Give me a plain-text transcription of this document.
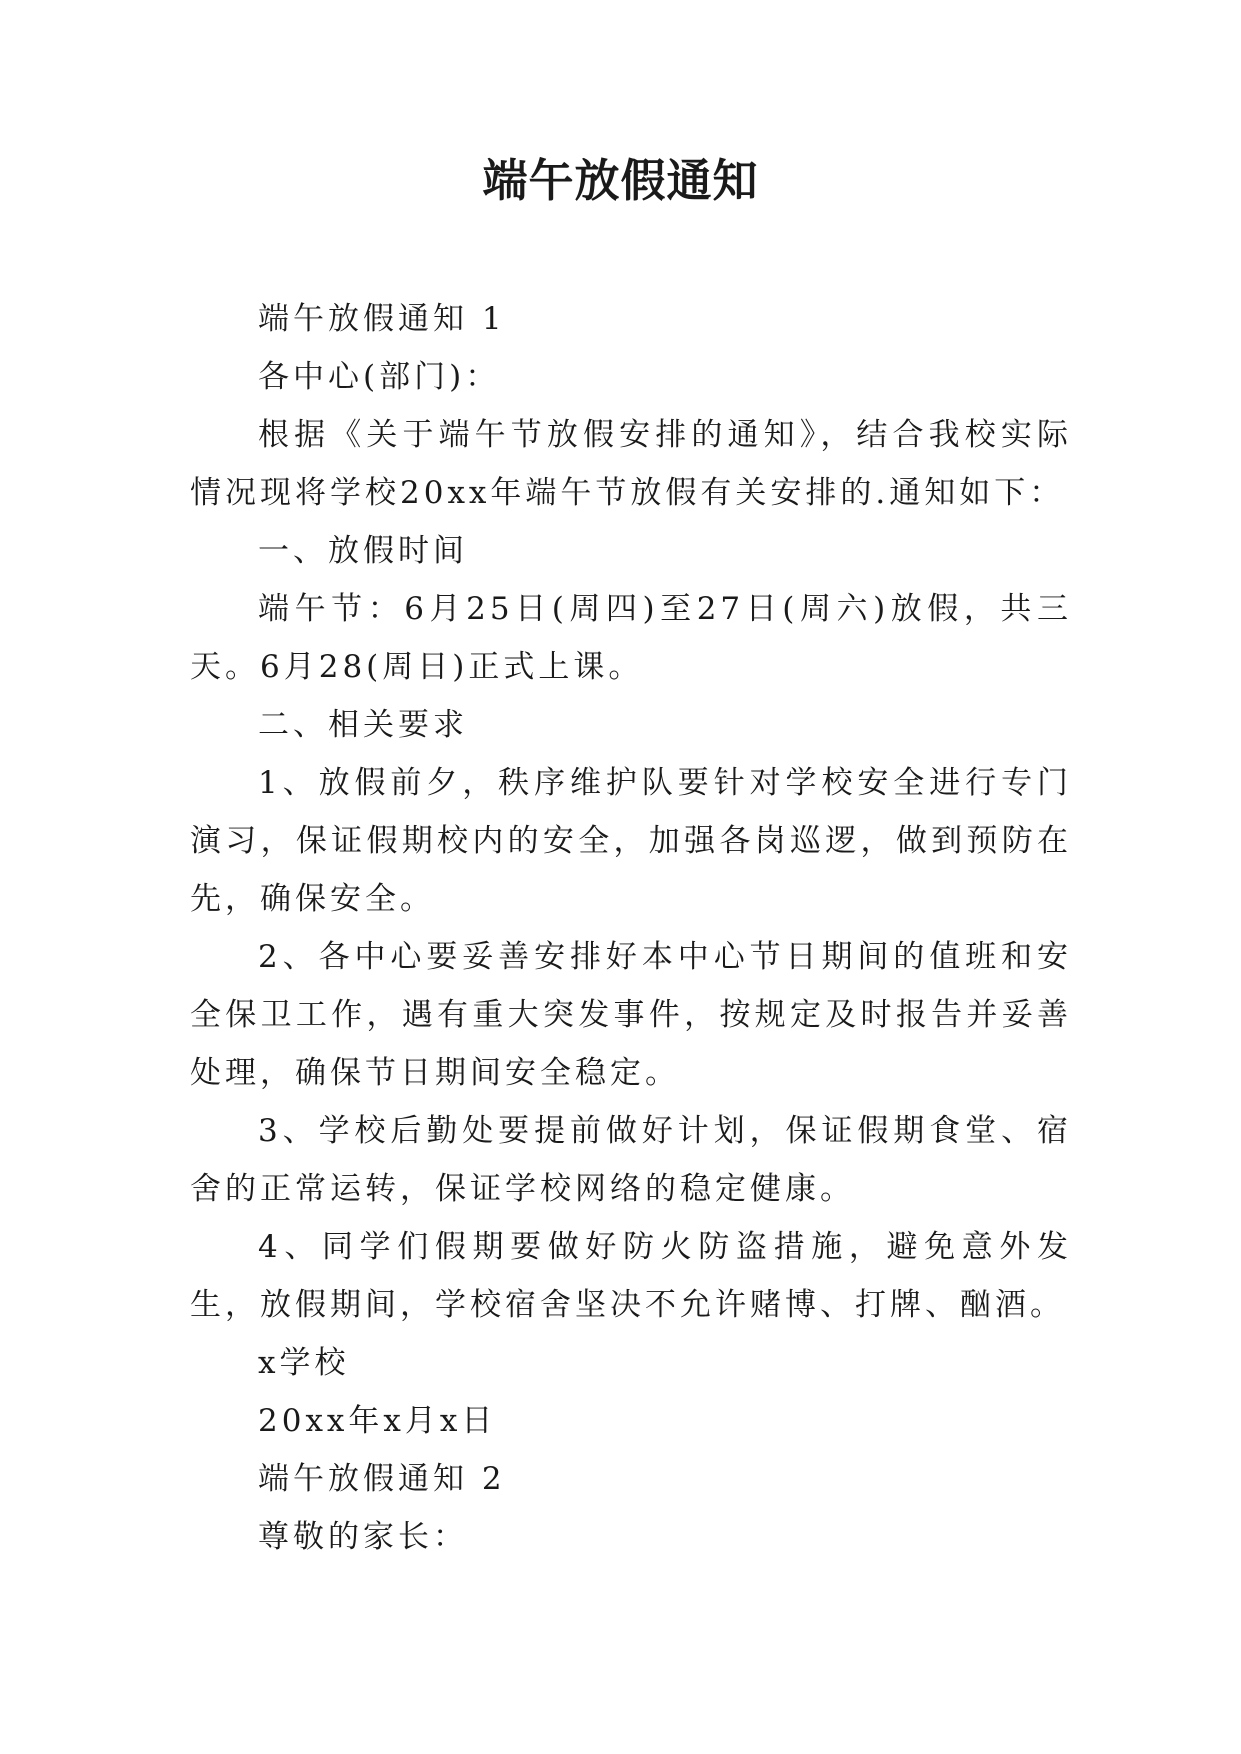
端午放假通知

端午放假通知 1

各中心(部门)：

根据《关于端午节放假安排的通知》，结合我校实际情况现将学校20xx年端午节放假有关安排的.通知如下：

一、放假时间

端午节：6月25日(周四)至27日(周六)放假，共三天。6月28(周日)正式上课。

二、相关要求

1、放假前夕，秩序维护队要针对学校安全进行专门演习，保证假期校内的安全，加强各岗巡逻，做到预防在先，确保安全。

2、各中心要妥善安排好本中心节日期间的值班和安全保卫工作，遇有重大突发事件，按规定及时报告并妥善处理，确保节日期间安全稳定。

3、学校后勤处要提前做好计划，保证假期食堂、宿舍的正常运转，保证学校网络的稳定健康。

4、同学们假期要做好防火防盗措施，避免意外发生，放假期间，学校宿舍坚决不允许赌博、打牌、酗酒。

x学校

20xx年x月x日

端午放假通知 2

尊敬的家长：
